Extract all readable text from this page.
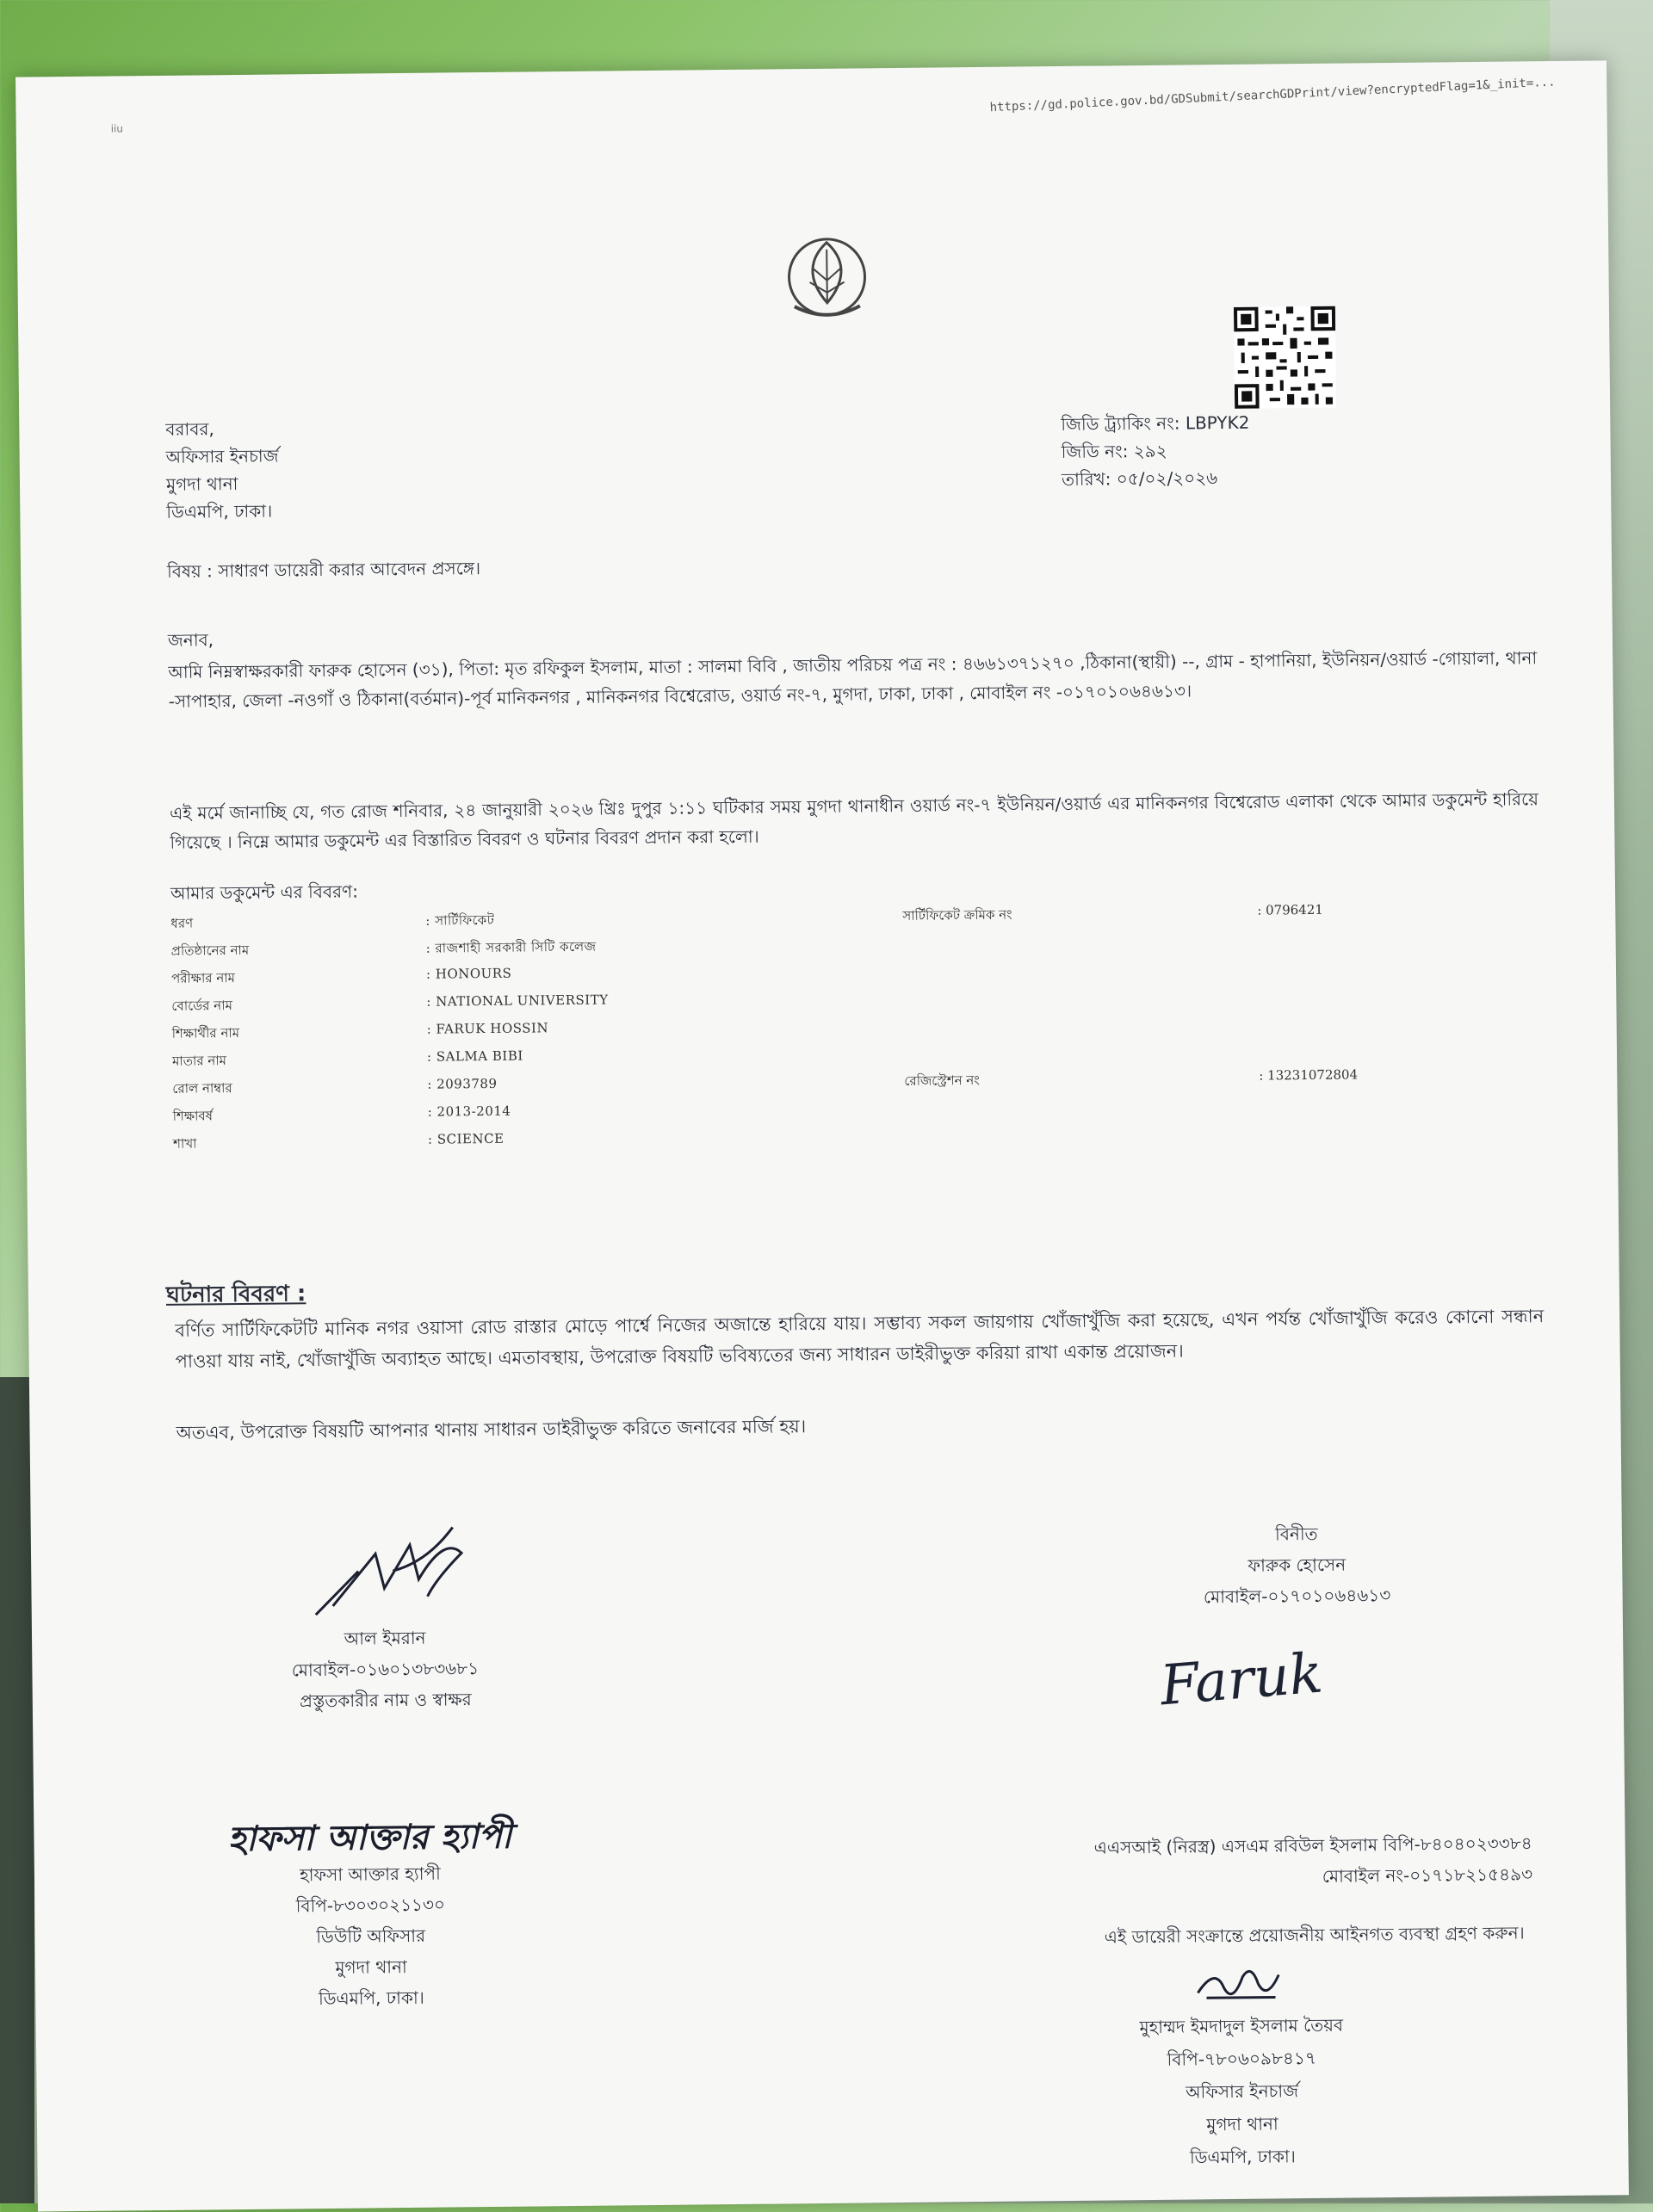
iiu
https://gd.police.gov.bd/GDSubmit/searchGDPrint/view?encryptedFlag=1&_init=...
বরাবর,
অফিসার ইনচার্জ
মুগদা থানা
ডিএমপি, ঢাকা।
জিডি ট্র্যাকিং নং: LBPYK2
জিডি নং: ২৯২
তারিখ: ০৫/০২/২০২৬
বিষয় : সাধারণ ডায়েরী করার আবেদন প্রসঙ্গে।
জনাব,
আমি নিম্নস্বাক্ষরকারী ফারুক হোসেন (৩১), পিতা: মৃত রফিকুল ইসলাম, মাতা : সালমা বিবি , জাতীয় পরিচয় পত্র নং : ৪৬৬১৩৭১২৭০ ,ঠিকানা(স্থায়ী) --, গ্রাম - হাপানিয়া, ইউনিয়ন/ওয়ার্ড -গোয়ালা, থানা -সাপাহার, জেলা -নওগাঁ ও ঠিকানা(বর্তমান)-পূর্ব মানিকনগর , মানিকনগর বিশ্বেরোড, ওয়ার্ড নং-৭, মুগদা, ঢাকা, ঢাকা , মোবাইল নং -০১৭০১০৬৪৬১৩।
এই মর্মে জানাচ্ছি যে, গত রোজ শনিবার, ২৪ জানুয়ারী ২০২৬ খ্রিঃ দুপুর ১:১১ ঘটিকার সময় মুগদা থানাধীন ওয়ার্ড নং-৭ ইউনিয়ন/ওয়ার্ড এর মানিকনগর বিশ্বেরোড এলাকা থেকে আমার ডকুমেন্ট হারিয়ে গিয়েছে । নিম্নে আমার ডকুমেন্ট এর বিস্তারিত বিবরণ ও ঘটনার বিবরণ প্রদান করা হলো।
আমার ডকুমেন্ট এর বিবরণ:
ধরণ	: সার্টিফিকেট	সার্টিফিকেট ক্রমিক নং	: 0796421
প্রতিষ্ঠানের নাম	: রাজশাহী সরকারী সিটি কলেজ
পরীক্ষার নাম	: HONOURS
বোর্ডের নাম	: NATIONAL UNIVERSITY
শিক্ষার্থীর নাম	: FARUK HOSSIN
মাতার নাম	: SALMA BIBI
রোল নাম্বার	: 2093789	রেজিস্ট্রেশন নং	: 13231072804
শিক্ষাবর্ষ	: 2013-2014
শাখা	: SCIENCE
ঘটনার বিবরণ :
বর্ণিত সার্টিফিকেটটি মানিক নগর ওয়াসা রোড রাস্তার মোড়ে পার্শ্বে নিজের অজান্তে হারিয়ে যায়। সম্ভাব্য সকল জায়গায় খোঁজাখুঁজি করা হয়েছে, এখন পর্যন্ত খোঁজাখুঁজি করেও কোনো সন্ধান পাওয়া যায় নাই, খোঁজাখুঁজি অব্যাহত আছে। এমতাবস্থায়, উপরোক্ত বিষয়টি ভবিষ্যতের জন্য সাধারন ডাইরীভুক্ত করিয়া রাখা একান্ত প্রয়োজন।
অতএব, উপরোক্ত বিষয়টি আপনার থানায় সাধারন ডাইরীভুক্ত করিতে জনাবের মর্জি হয়।
আল ইমরান
মোবাইল-০১৬০১৩৮৩৬৮১
প্রস্তুতকারীর নাম ও স্বাক্ষর
বিনীত
ফারুক হোসেন
মোবাইল-০১৭০১০৬৪৬১৩
Faruk
হাফসা আক্তার হ্যাপী
হাফসা আক্তার হ্যাপী
বিপি-৮৩০৩০২১১৩০
ডিউটি অফিসার
মুগদা থানা
ডিএমপি, ঢাকা।
এএসআই (নিরস্ত্র) এসএম রবিউল ইসলাম বিপি-৮৪০৪০২৩৩৮৪
মোবাইল নং-০১৭১৮২১৫৪৯৩
এই ডায়েরী সংক্রান্তে প্রয়োজনীয় আইনগত ব্যবস্থা গ্রহণ করুন।
মুহাম্মদ ইমদাদুল ইসলাম তৈয়ব
বিপি-৭৮০৬০৯৮৪১৭
অফিসার ইনচার্জ
মুগদা থানা
ডিএমপি, ঢাকা।
